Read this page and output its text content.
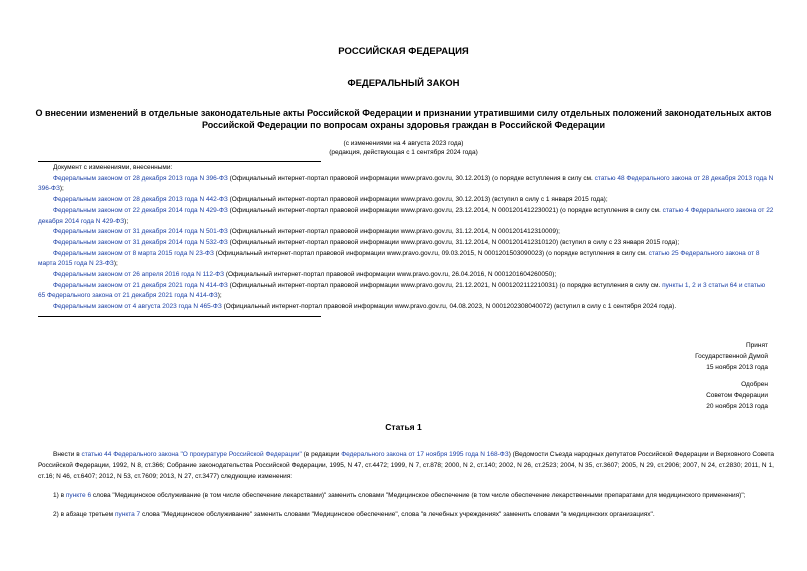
РОССИЙСКАЯ ФЕДЕРАЦИЯ
ФЕДЕРАЛЬНЫЙ ЗАКОН
О внесении изменений в отдельные законодательные акты Российской Федерации и признании утратившими силу отдельных положений законодательных актов
Российской Федерации по вопросам охраны здоровья граждан в Российской Федерации
(с изменениями на 4 августа 2023 года)
(редакция, действующая с 1 сентября 2024 года)

Документ с изменениями, внесенными:

Федеральным законом от 28 декабря 2013 года N 396-ФЗ (Официальный интернет-портал правовой информации www.pravo.gov.ru, 30.12.2013) (о порядке вступления в силу см. статью 48 Федерального закона от 28 декабря 2013 года N 396-ФЗ);

Федеральным законом от 28 декабря 2013 года N 442-ФЗ (Официальный интернет-портал правовой информации www.pravo.gov.ru, 30.12.2013) (вступил в силу с 1 января 2015 года);

Федеральным законом от 22 декабря 2014 года N 429-ФЗ (Официальный интернет-портал правовой информации www.pravo.gov.ru, 23.12.2014, N 0001201412230021) (о порядке вступления в силу см. статью 4 Федерального закона от 22 декабря 2014 года N 429-ФЗ);

Федеральным законом от 31 декабря 2014 года N 501-ФЗ (Официальный интернет-портал правовой информации www.pravo.gov.ru, 31.12.2014, N 0001201412310009);

Федеральным законом от 31 декабря 2014 года N 532-ФЗ (Официальный интернет-портал правовой информации www.pravo.gov.ru, 31.12.2014, N 0001201412310120) (вступил в силу с 23 января 2015 года);

Федеральным законом от 8 марта 2015 года N 23-ФЗ (Официальный интернет-портал правовой информации www.pravo.gov.ru, 09.03.2015, N 0001201503090023) (о порядке вступления в силу см. статью 25 Федерального закона от 8 марта 2015 года N 23-ФЗ);

Федеральным законом от 26 апреля 2016 года N 112-ФЗ (Официальный интернет-портал правовой информации www.pravo.gov.ru, 26.04.2016, N 0001201604260050);

Федеральным законом от 21 декабря 2021 года N 414-ФЗ (Официальный интернет-портал правовой информации www.pravo.gov.ru, 21.12.2021, N 0001202112210031) (о порядке вступления в силу см. пункты 1, 2 и 3 статьи 64 и статью 65 Федерального закона от 21 декабря 2021 года N 414-ФЗ);

Федеральным законом от 4 августа 2023 года N 465-ФЗ (Официальный интернет-портал правовой информации www.pravo.gov.ru, 04.08.2023, N 0001202308040072) (вступил в силу с 1 сентября 2024 года).

Принят
Государственной Думой
15 ноября 2013 года
Одобрен
Советом Федерации
20 ноября 2013 года
Статья 1

Внести в статью 44 Федерального закона "О прокуратуре Российской Федерации" (в редакции Федерального закона от 17 ноября 1995 года N 168-ФЗ) (Ведомости Съезда народных депутатов Российской Федерации и Верховного Совета Российской Федерации, 1992, N 8, ст.366; Собрание законодательства Российской Федерации, 1995, N 47, ст.4472; 1999, N 7, ст.878; 2000, N 2, ст.140; 2002, N 26, ст.2523; 2004, N 35, ст.3607; 2005, N 29, ст.2906; 2007, N 24, ст.2830; 2011, N 1, ст.16; N 46, ст.6407; 2012, N 53, ст.7609; 2013, N 27, ст.3477) следующие изменения:

1) в пункте 6 слова "Медицинское обслуживание (в том числе обеспечение лекарствами)" заменить словами "Медицинское обеспечение (в том числе обеспечение лекарственными препаратами для медицинского применения)";

2) в абзаце третьем пункта 7 слова "Медицинское обслуживание" заменить словами "Медицинское обеспечение", слова "в лечебных учреждениях" заменить словами "в медицинских организациях".
